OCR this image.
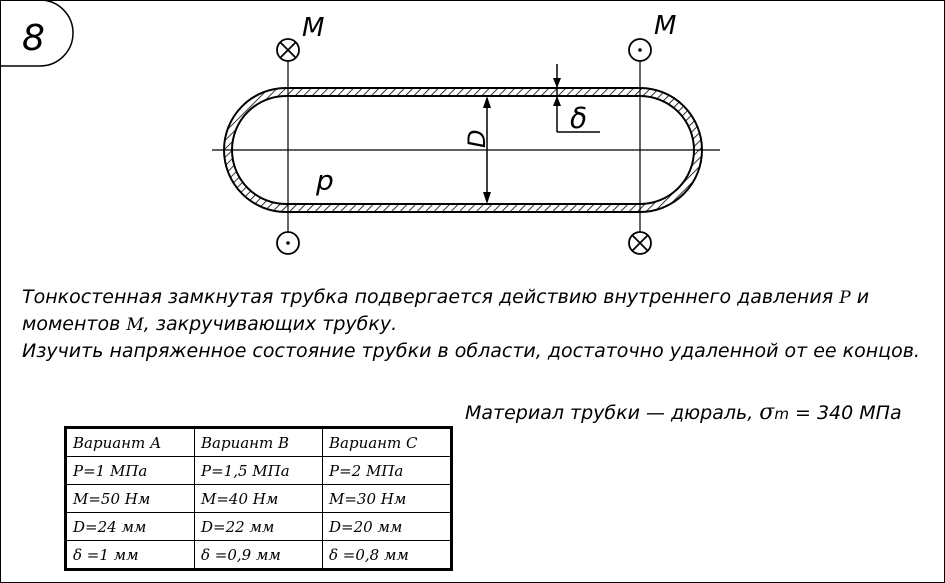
8	M	M
D
δ
p
Тонкостенная замкнутая трубка подвергается действию внутреннего давления P и
моментов M, закручивающих трубку.
Изучить напряженное состояние трубки в области, достаточно удаленной от ее концов.
Материал трубки — дюраль, σm = 340 МПа
Вариант А	Вариант В	Вариант С
P=1 МПа	P=1,5 МПа	P=2 МПа
M=50 Нм	M=40 Нм	M=30 Нм
D=24 мм	D=22 мм	D=20 мм
δ =1 мм	δ =0,9 мм	δ =0,8 мм
